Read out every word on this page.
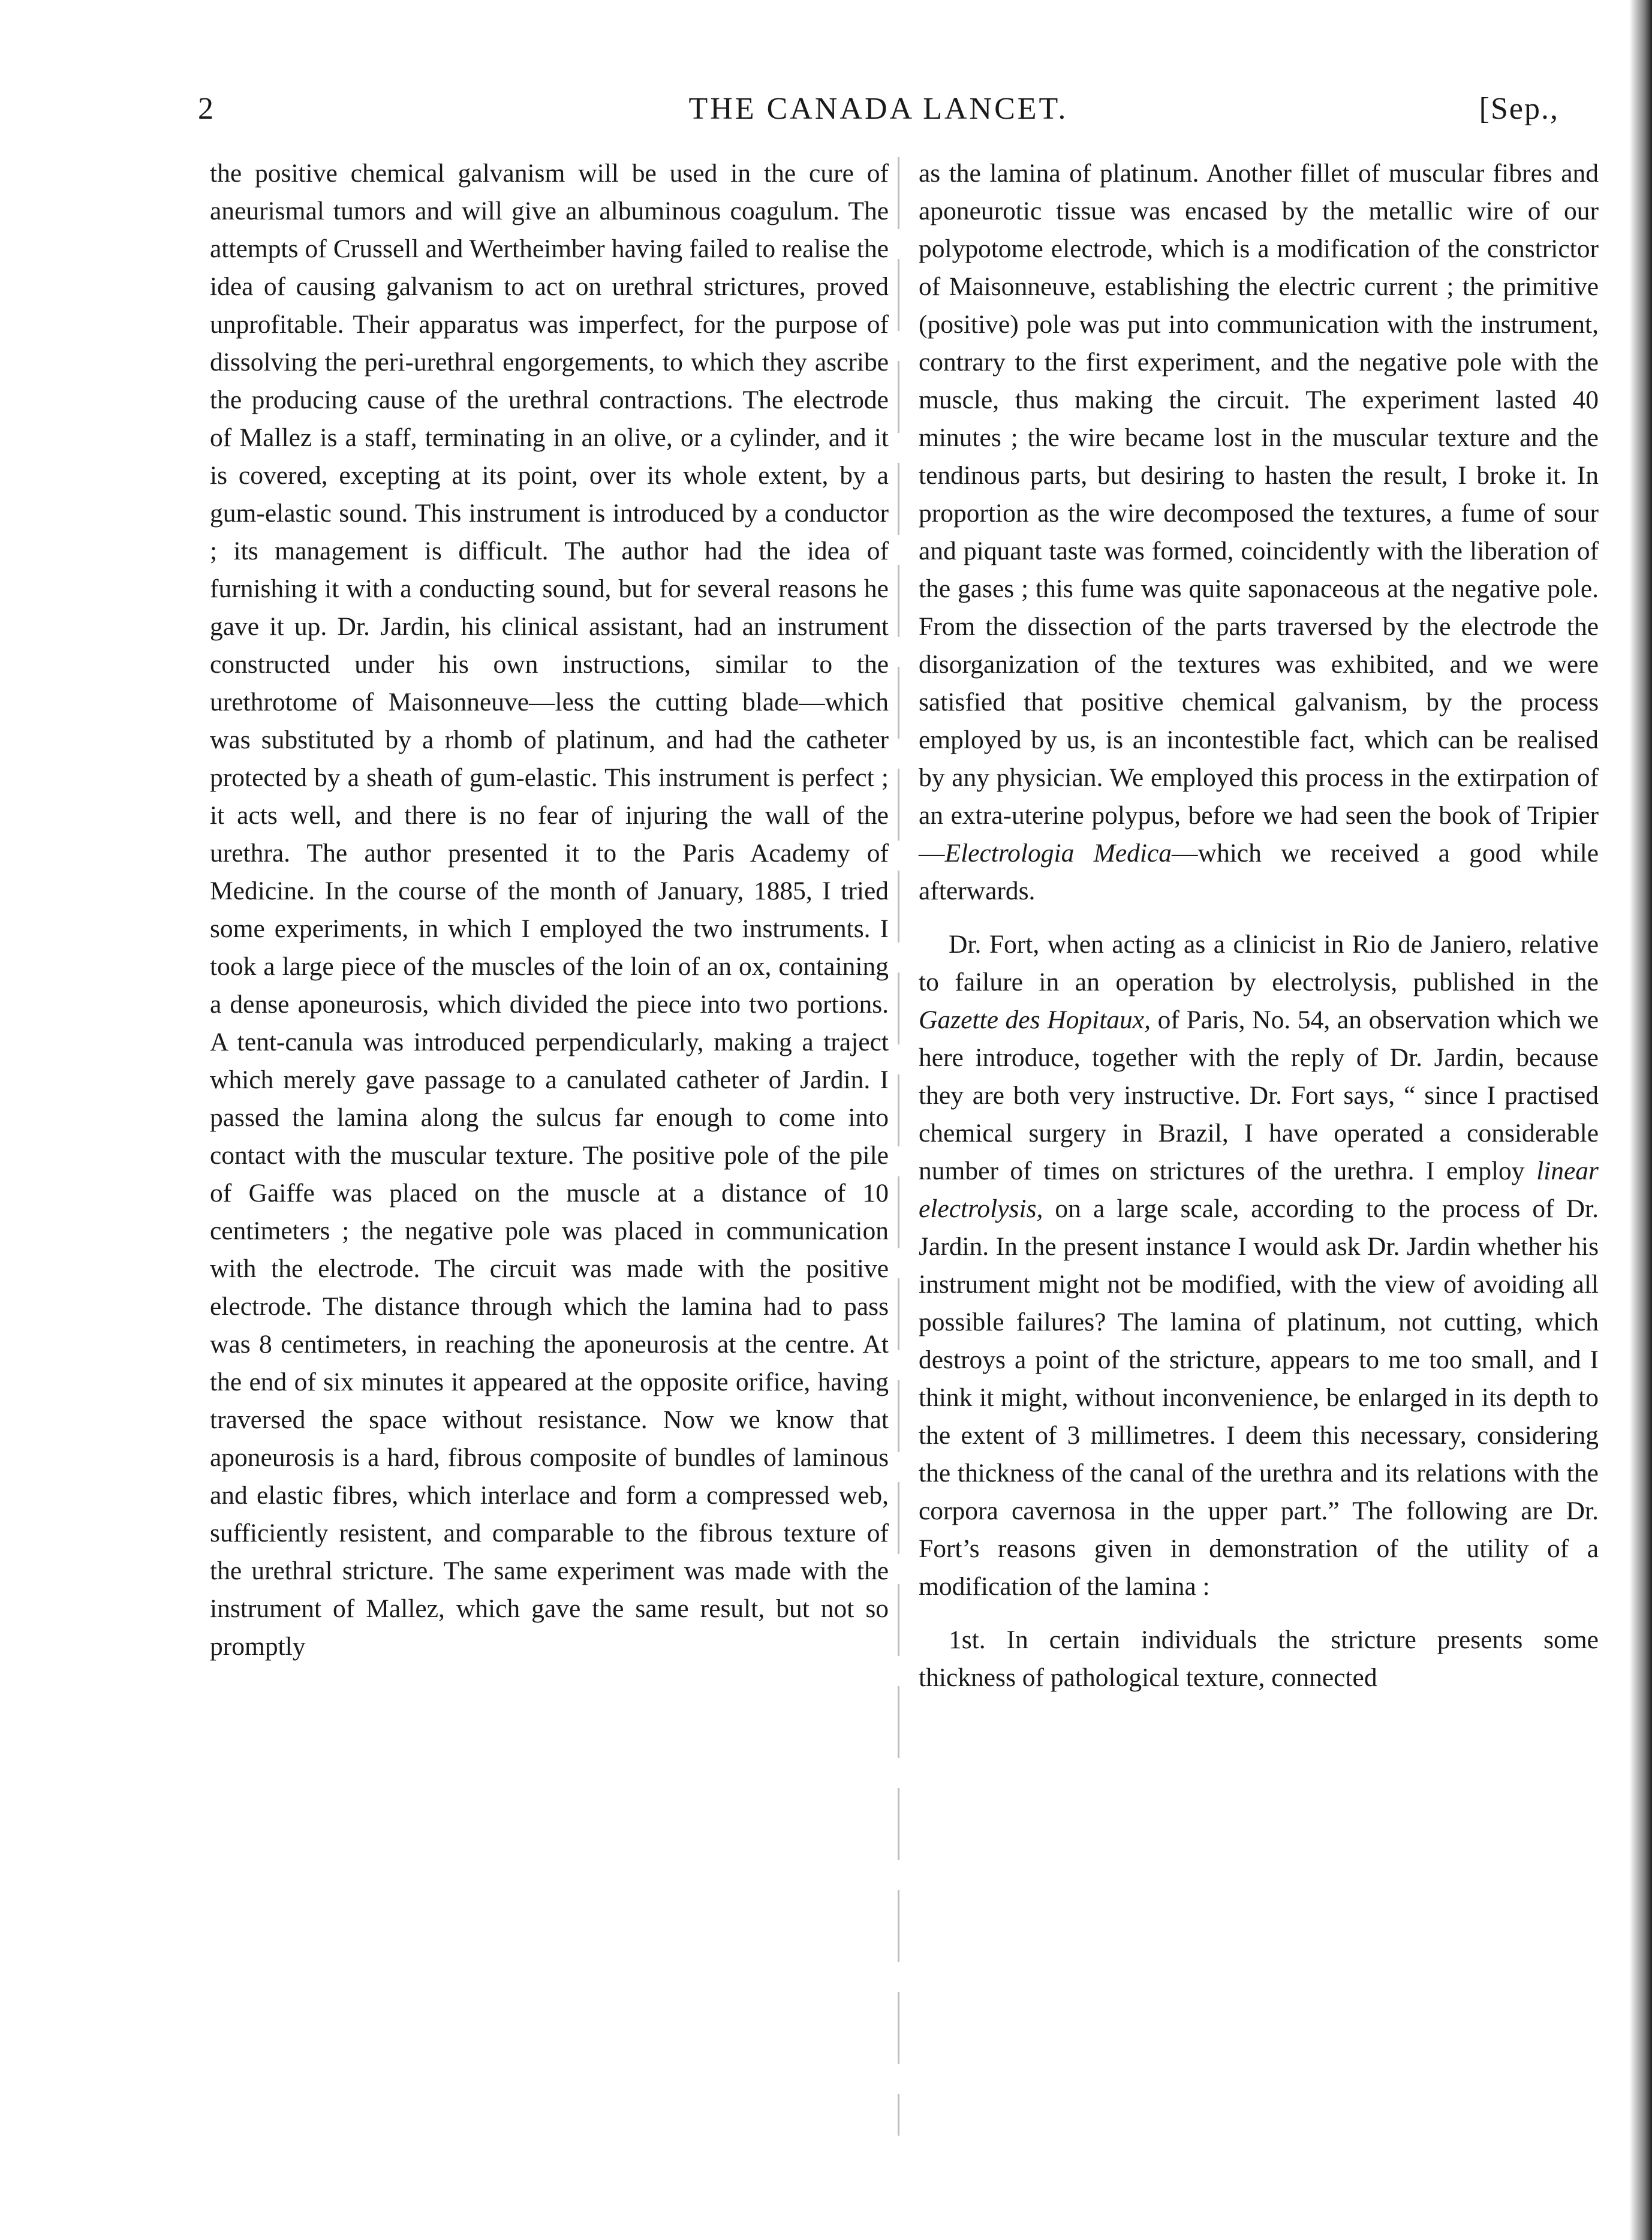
2	THE CANADA LANCET.	[Sep.,

the positive chemical galvanism will be used in the cure of aneurismal tumors and will give an albuminous coagulum. The attempts of Crussell and Wertheimber having failed to realise the idea of causing galvanism to act on urethral strictures, proved unprofitable. Their apparatus was imperfect, for the purpose of dissolving the peri-urethral engorgements, to which they ascribe the producing cause of the urethral contractions. The electrode of Mallez is a staff, terminating in an olive, or a cylinder, and it is covered, excepting at its point, over its whole extent, by a gum-elastic sound. This instrument is introduced by a conductor ; its management is difficult. The author had the idea of furnishing it with a conducting sound, but for several reasons he gave it up. Dr. Jardin, his clinical assistant, had an instrument constructed under his own instructions, similar to the urethrotome of Maisonneuve—less the cutting blade—which was substituted by a rhomb of platinum, and had the catheter protected by a sheath of gum-elastic. This instrument is perfect ; it acts well, and there is no fear of injuring the wall of the urethra. The author presented it to the Paris Academy of Medicine. In the course of the month of January, 1885, I tried some experiments, in which I employed the two instruments. I took a large piece of the muscles of the loin of an ox, containing a dense aponeurosis, which divided the piece into two portions. A tent-canula was introduced perpendicularly, making a traject which merely gave passage to a canulated catheter of Jardin. I passed the lamina along the sulcus far enough to come into contact with the muscular texture. The positive pole of the pile of Gaiffe was placed on the muscle at a distance of 10 centimeters ; the negative pole was placed in communication with the electrode. The circuit was made with the positive electrode. The distance through which the lamina had to pass was 8 centimeters, in reaching the aponeurosis at the centre. At the end of six minutes it appeared at the opposite orifice, having traversed the space without resistance. Now we know that aponeurosis is a hard, fibrous composite of bundles of laminous and elastic fibres, which interlace and form a compressed web, sufficiently resistent, and comparable to the fibrous texture of the urethral stricture. The same experiment was made with the instrument of Mallez, which gave the same result, but not so promptly

as the lamina of platinum. Another fillet of muscular fibres and aponeurotic tissue was encased by the metallic wire of our polypotome electrode, which is a modification of the constrictor of Maisonneuve, establishing the electric current ; the primitive (positive) pole was put into communication with the instrument, contrary to the first experiment, and the negative pole with the muscle, thus making the circuit. The experiment lasted 40 minutes ; the wire became lost in the muscular texture and the tendinous parts, but desiring to hasten the result, I broke it. In proportion as the wire decomposed the textures, a fume of sour and piquant taste was formed, coincidently with the liberation of the gases ; this fume was quite saponaceous at the negative pole. From the dissection of the parts traversed by the electrode the disorganization of the textures was exhibited, and we were satisfied that positive chemical galvanism, by the process employed by us, is an incontestible fact, which can be realised by any physician. We employed this process in the extirpation of an extra-uterine polypus, before we had seen the book of Tripier—Electrologia Medica—which we received a good while afterwards.

Dr. Fort, when acting as a clinicist in Rio de Janiero, relative to failure in an operation by electrolysis, published in the Gazette des Hopitaux, of Paris, No. 54, an observation which we here introduce, together with the reply of Dr. Jardin, because they are both very instructive. Dr. Fort says, “ since I practised chemical surgery in Brazil, I have operated a considerable number of times on strictures of the urethra. I employ linear electrolysis, on a large scale, according to the process of Dr. Jardin. In the present instance I would ask Dr. Jardin whether his instrument might not be modified, with the view of avoiding all possible failures? The lamina of platinum, not cutting, which destroys a point of the stricture, appears to me too small, and I think it might, without inconvenience, be enlarged in its depth to the extent of 3 millimetres. I deem this necessary, considering the thickness of the canal of the urethra and its relations with the corpora cavernosa in the upper part.” The following are Dr. Fort’s reasons given in demonstration of the utility of a modification of the lamina :

1st. In certain individuals the stricture presents some thickness of pathological texture, connected
